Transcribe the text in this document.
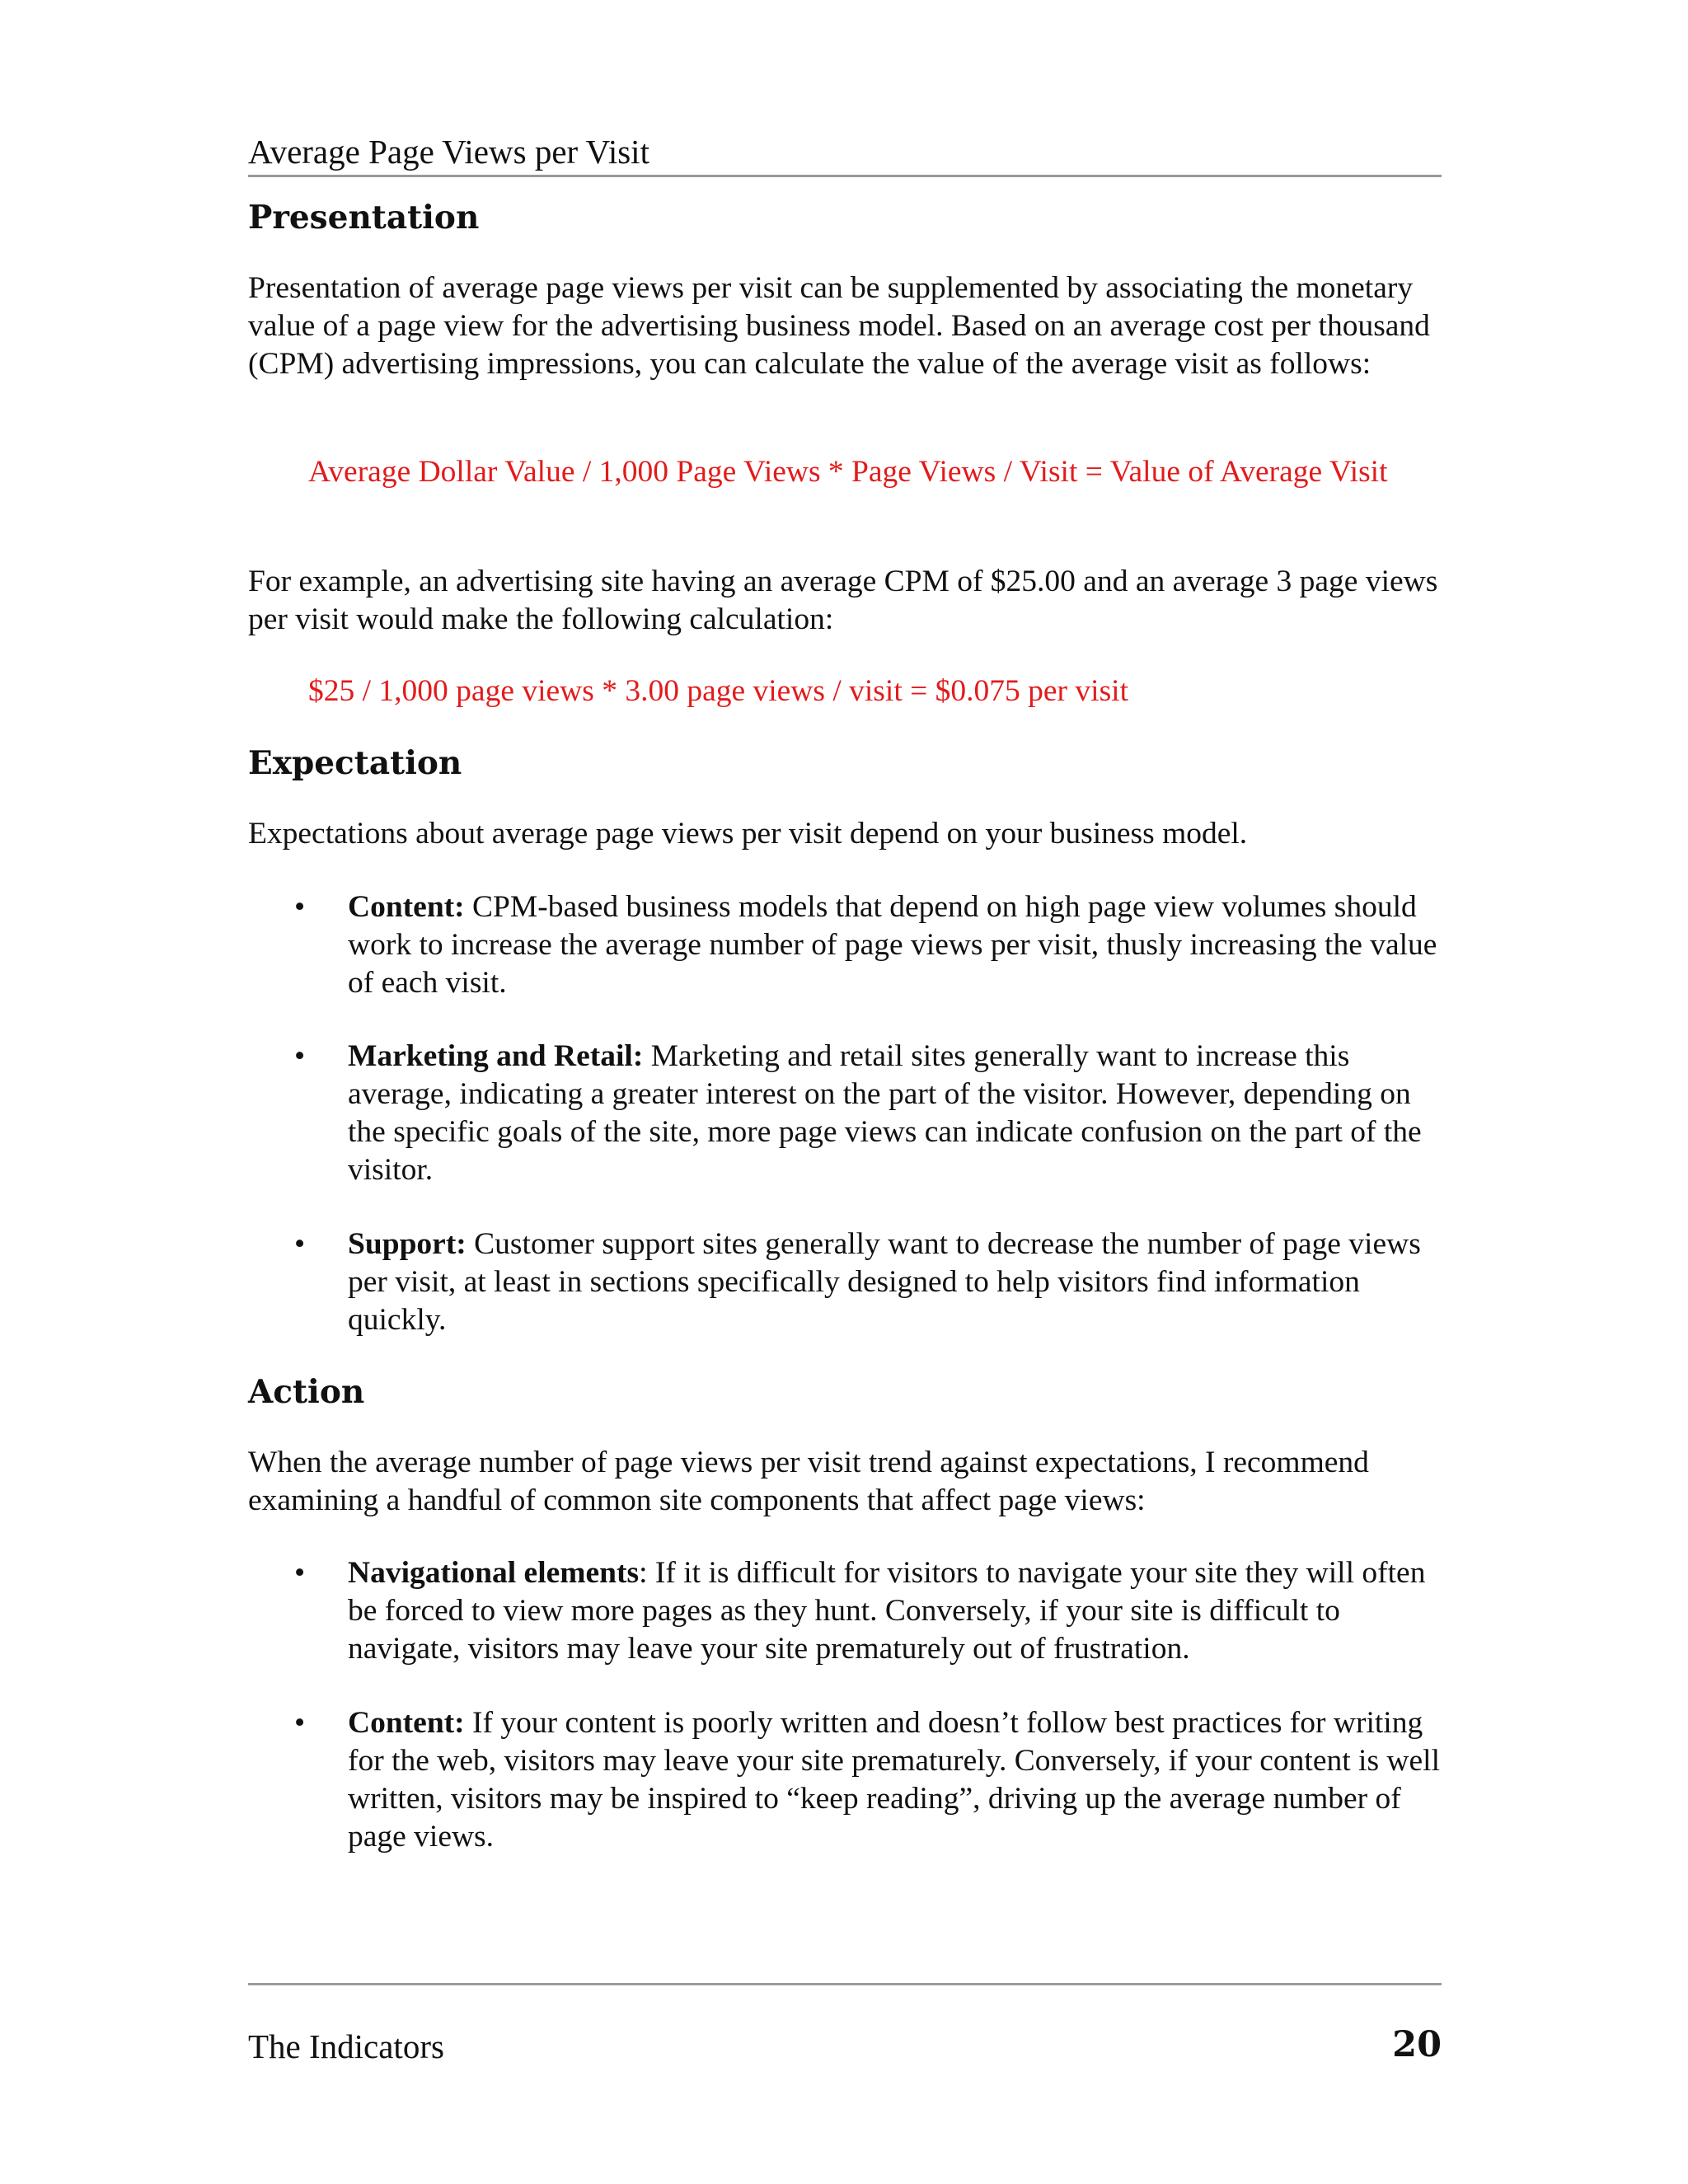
Average Page Views per Visit
Presentation

Presentation of average page views per visit can be supplemented by associating the monetary value of a page view for the advertising business model. Based on an average cost per thousand (CPM) advertising impressions, you can calculate the value of the average visit as follows:

Average Dollar Value / 1,000 Page Views * Page Views / Visit = Value of Average Visit

For example, an advertising site having an average CPM of $25.00 and an average 3 page views per visit would make the following calculation:

$25 / 1,000 page views * 3.00 page views / visit = $0.075 per visit

Expectation

Expectations about average page views per visit depend on your business model.

• Content: CPM-based business models that depend on high page view volumes should work to increase the average number of page views per visit, thusly increasing the value of each visit.
• Marketing and Retail: Marketing and retail sites generally want to increase this average, indicating a greater interest on the part of the visitor. However, depending on the specific goals of the site, more page views can indicate confusion on the part of the visitor.
• Support: Customer support sites generally want to decrease the number of page views per visit, at least in sections specifically designed to help visitors find information quickly.
Action

When the average number of page views per visit trend against expectations, I recommend examining a handful of common site components that affect page views:

• Navigational elements: If it is difficult for visitors to navigate your site they will often be forced to view more pages as they hunt. Conversely, if your site is difficult to navigate, visitors may leave your site prematurely out of frustration.
• Content: If your content is poorly written and doesn’t follow best practices for writing for the web, visitors may leave your site prematurely. Conversely, if your content is well written, visitors may be inspired to “keep reading”, driving up the average number of page views.
The Indicators	20
